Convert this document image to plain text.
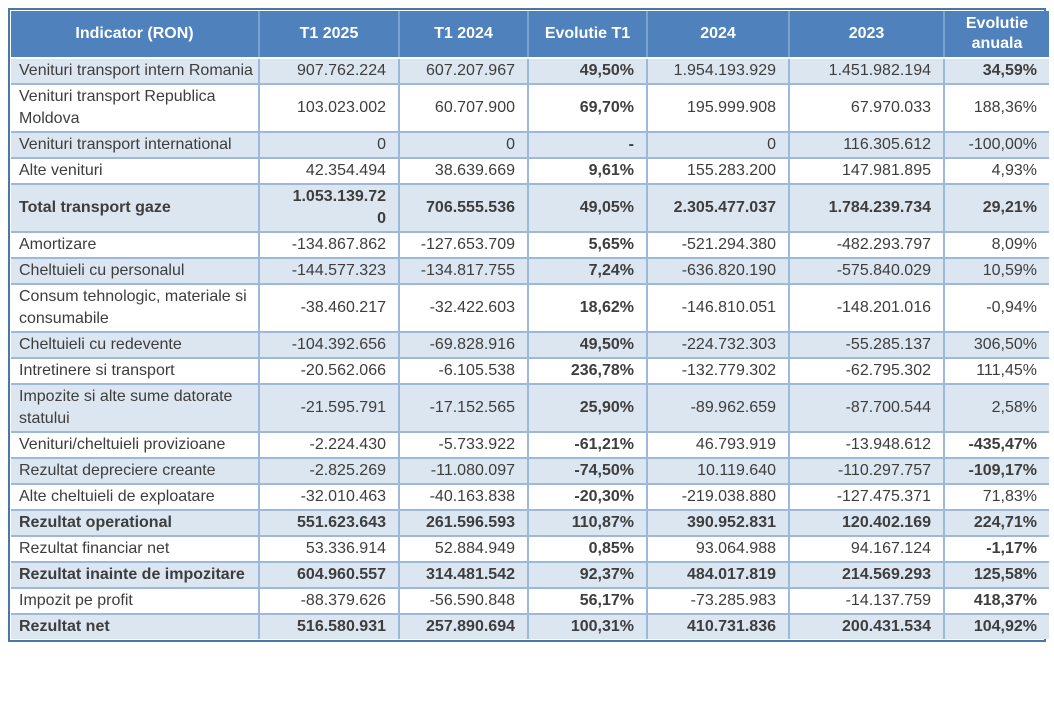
Indicator (RON)	T1 2025	T1 2024	Evolutie T1	2024	2023	Evolutie anuala
Venituri transport intern Romania	907.762.224	607.207.967	49,50%	1.954.193.929	1.451.982.194	34,59%
Venituri transport Republica Moldova	103.023.002	60.707.900	69,70%	195.999.908	67.970.033	188,36%
Venituri transport international	0	0	-	0	116.305.612	-100,00%
Alte venituri	42.354.494	38.639.669	9,61%	155.283.200	147.981.895	4,93%
Total transport gaze	1.053.139.720	706.555.536	49,05%	2.305.477.037	1.784.239.734	29,21%
Amortizare	-134.867.862	-127.653.709	5,65%	-521.294.380	-482.293.797	8,09%
Cheltuieli cu personalul	-144.577.323	-134.817.755	7,24%	-636.820.190	-575.840.029	10,59%
Consum tehnologic, materiale si consumabile	-38.460.217	-32.422.603	18,62%	-146.810.051	-148.201.016	-0,94%
Cheltuieli cu redevente	-104.392.656	-69.828.916	49,50%	-224.732.303	-55.285.137	306,50%
Intretinere si transport	-20.562.066	-6.105.538	236,78%	-132.779.302	-62.795.302	111,45%
Impozite si alte sume datorate statului	-21.595.791	-17.152.565	25,90%	-89.962.659	-87.700.544	2,58%
Venituri/cheltuieli provizioane	-2.224.430	-5.733.922	-61,21%	46.793.919	-13.948.612	-435,47%
Rezultat depreciere creante	-2.825.269	-11.080.097	-74,50%	10.119.640	-110.297.757	-109,17%
Alte cheltuieli de exploatare	-32.010.463	-40.163.838	-20,30%	-219.038.880	-127.475.371	71,83%
Rezultat operational	551.623.643	261.596.593	110,87%	390.952.831	120.402.169	224,71%
Rezultat financiar net	53.336.914	52.884.949	0,85%	93.064.988	94.167.124	-1,17%
Rezultat inainte de impozitare	604.960.557	314.481.542	92,37%	484.017.819	214.569.293	125,58%
Impozit pe profit	-88.379.626	-56.590.848	56,17%	-73.285.983	-14.137.759	418,37%
Rezultat net	516.580.931	257.890.694	100,31%	410.731.836	200.431.534	104,92%
